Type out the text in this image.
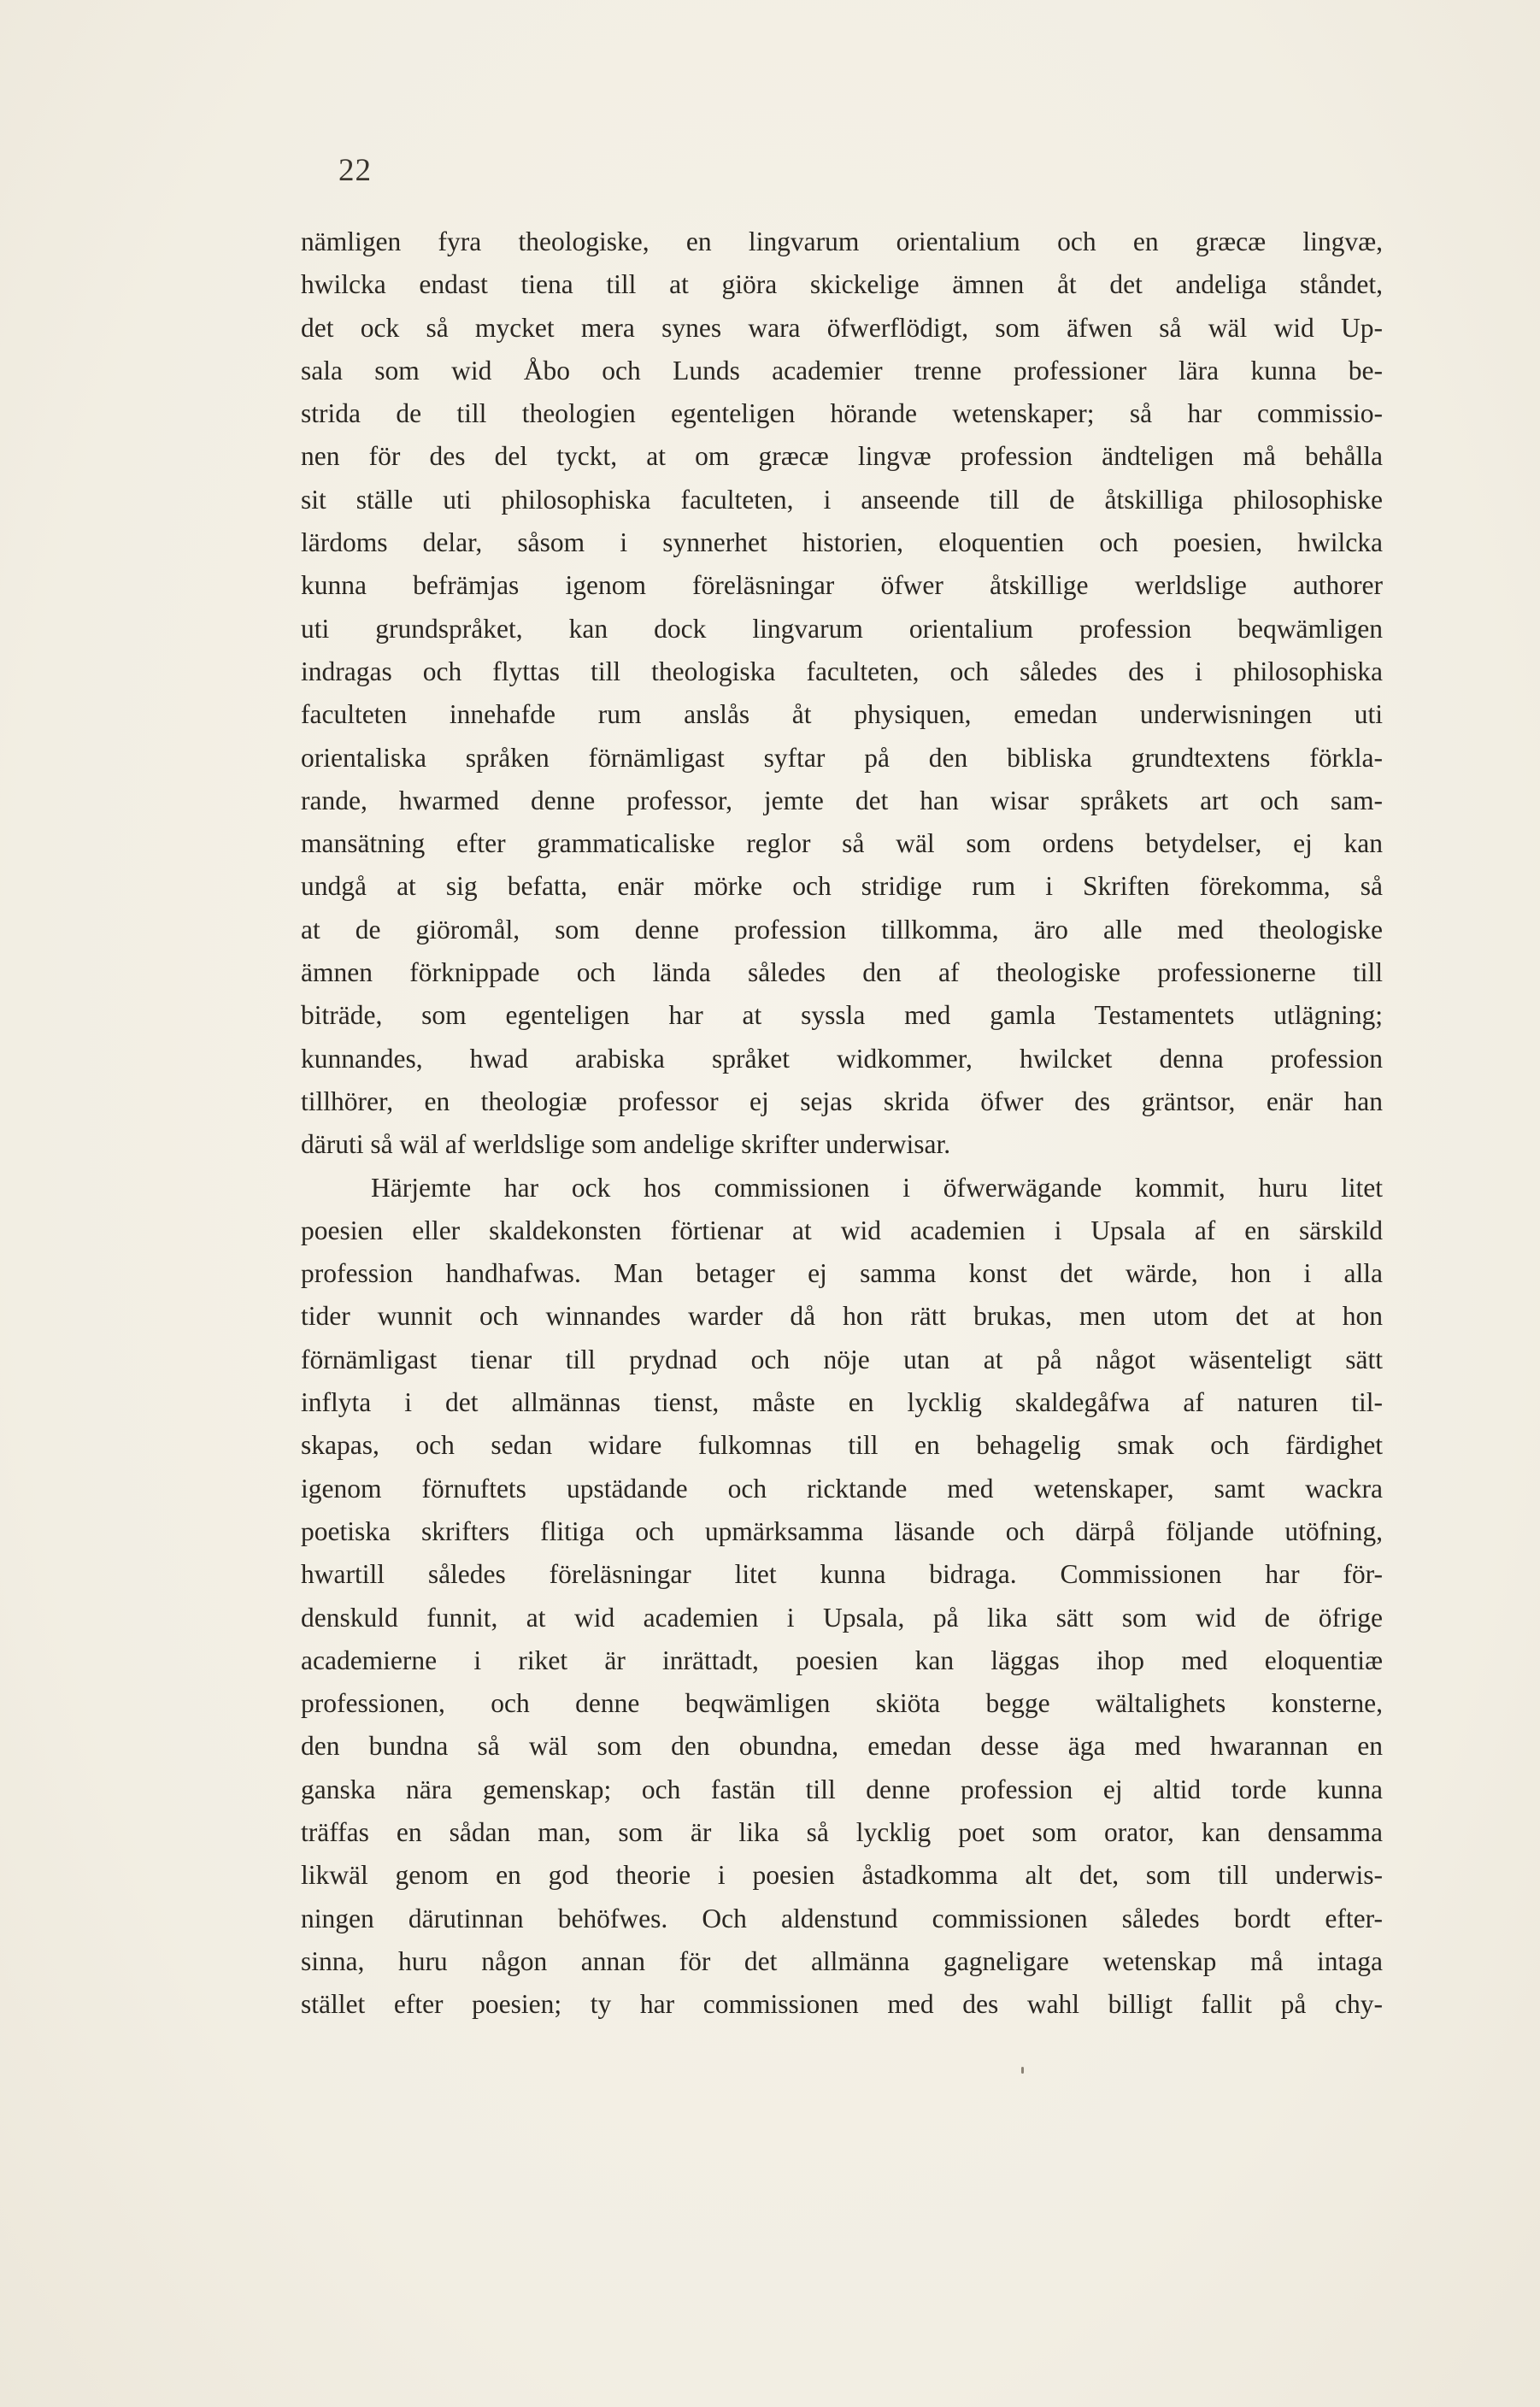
22
nämligen fyra theologiske, en lingvarum orientalium och en græcæ lingvæ,
hwilcka endast tiena till at giöra skickelige ämnen åt det andeliga ståndet,
det ock så mycket mera synes wara öfwerflödigt, som äfwen så wäl wid Up-
sala som wid Åbo och Lunds academier trenne professioner lära kunna be-
strida de till theologien egenteligen hörande wetenskaper; så har commissio-
nen för des del tyckt, at om græcæ lingvæ profession ändteligen må behålla
sit ställe uti philosophiska faculteten, i anseende till de åtskilliga philosophiske
lärdoms delar, såsom i synnerhet historien, eloquentien och poesien, hwilcka
kunna befrämjas igenom föreläsningar öfwer åtskillige werldslige authorer
uti grundspråket, kan dock lingvarum orientalium profession beqwämligen
indragas och flyttas till theologiska faculteten, och således des i philosophiska
faculteten innehafde rum anslås åt physiquen, emedan underwisningen uti
orientaliska språken förnämligast syftar på den bibliska grundtextens förkla-
rande, hwarmed denne professor, jemte det han wisar språkets art och sam-
mansätning efter grammaticaliske reglor så wäl som ordens betydelser, ej kan
undgå at sig befatta, enär mörke och stridige rum i Skriften förekomma, så
at de giöromål, som denne profession tillkomma, äro alle med theologiske
ämnen förknippade och lända således den af theologiske professionerne till
biträde, som egenteligen har at syssla med gamla Testamentets utlägning;
kunnandes, hwad arabiska språket widkommer, hwilcket denna profession
tillhörer, en theologiæ professor ej sejas skrida öfwer des gräntsor, enär han
däruti så wäl af werldslige som andelige skrifter underwisar.
Härjemte har ock hos commissionen i öfwerwägande kommit, huru litet
poesien eller skaldekonsten förtienar at wid academien i Upsala af en särskild
profession handhafwas. Man betager ej samma konst det wärde, hon i alla
tider wunnit och winnandes warder då hon rätt brukas, men utom det at hon
förnämligast tienar till prydnad och nöje utan at på något wäsenteligt sätt
inflyta i det allmännas tienst, måste en lycklig skaldegåfwa af naturen til-
skapas, och sedan widare fulkomnas till en behagelig smak och färdighet
igenom förnuftets upstädande och ricktande med wetenskaper, samt wackra
poetiska skrifters flitiga och upmärksamma läsande och därpå följande utöfning,
hwartill således föreläsningar litet kunna bidraga. Commissionen har för-
denskuld funnit, at wid academien i Upsala, på lika sätt som wid de öfrige
academierne i riket är inrättadt, poesien kan läggas ihop med eloquentiæ
professionen, och denne beqwämligen skiöta begge wältalighets konsterne,
den bundna så wäl som den obundna, emedan desse äga med hwarannan en
ganska nära gemenskap; och fastän till denne profession ej altid torde kunna
träffas en sådan man, som är lika så lycklig poet som orator, kan densamma
likwäl genom en god theorie i poesien åstadkomma alt det, som till underwis-
ningen därutinnan behöfwes. Och aldenstund commissionen således bordt efter-
sinna, huru någon annan för det allmänna gagneligare wetenskap må intaga
stället efter poesien; ty har commissionen med des wahl billigt fallit på chy-
